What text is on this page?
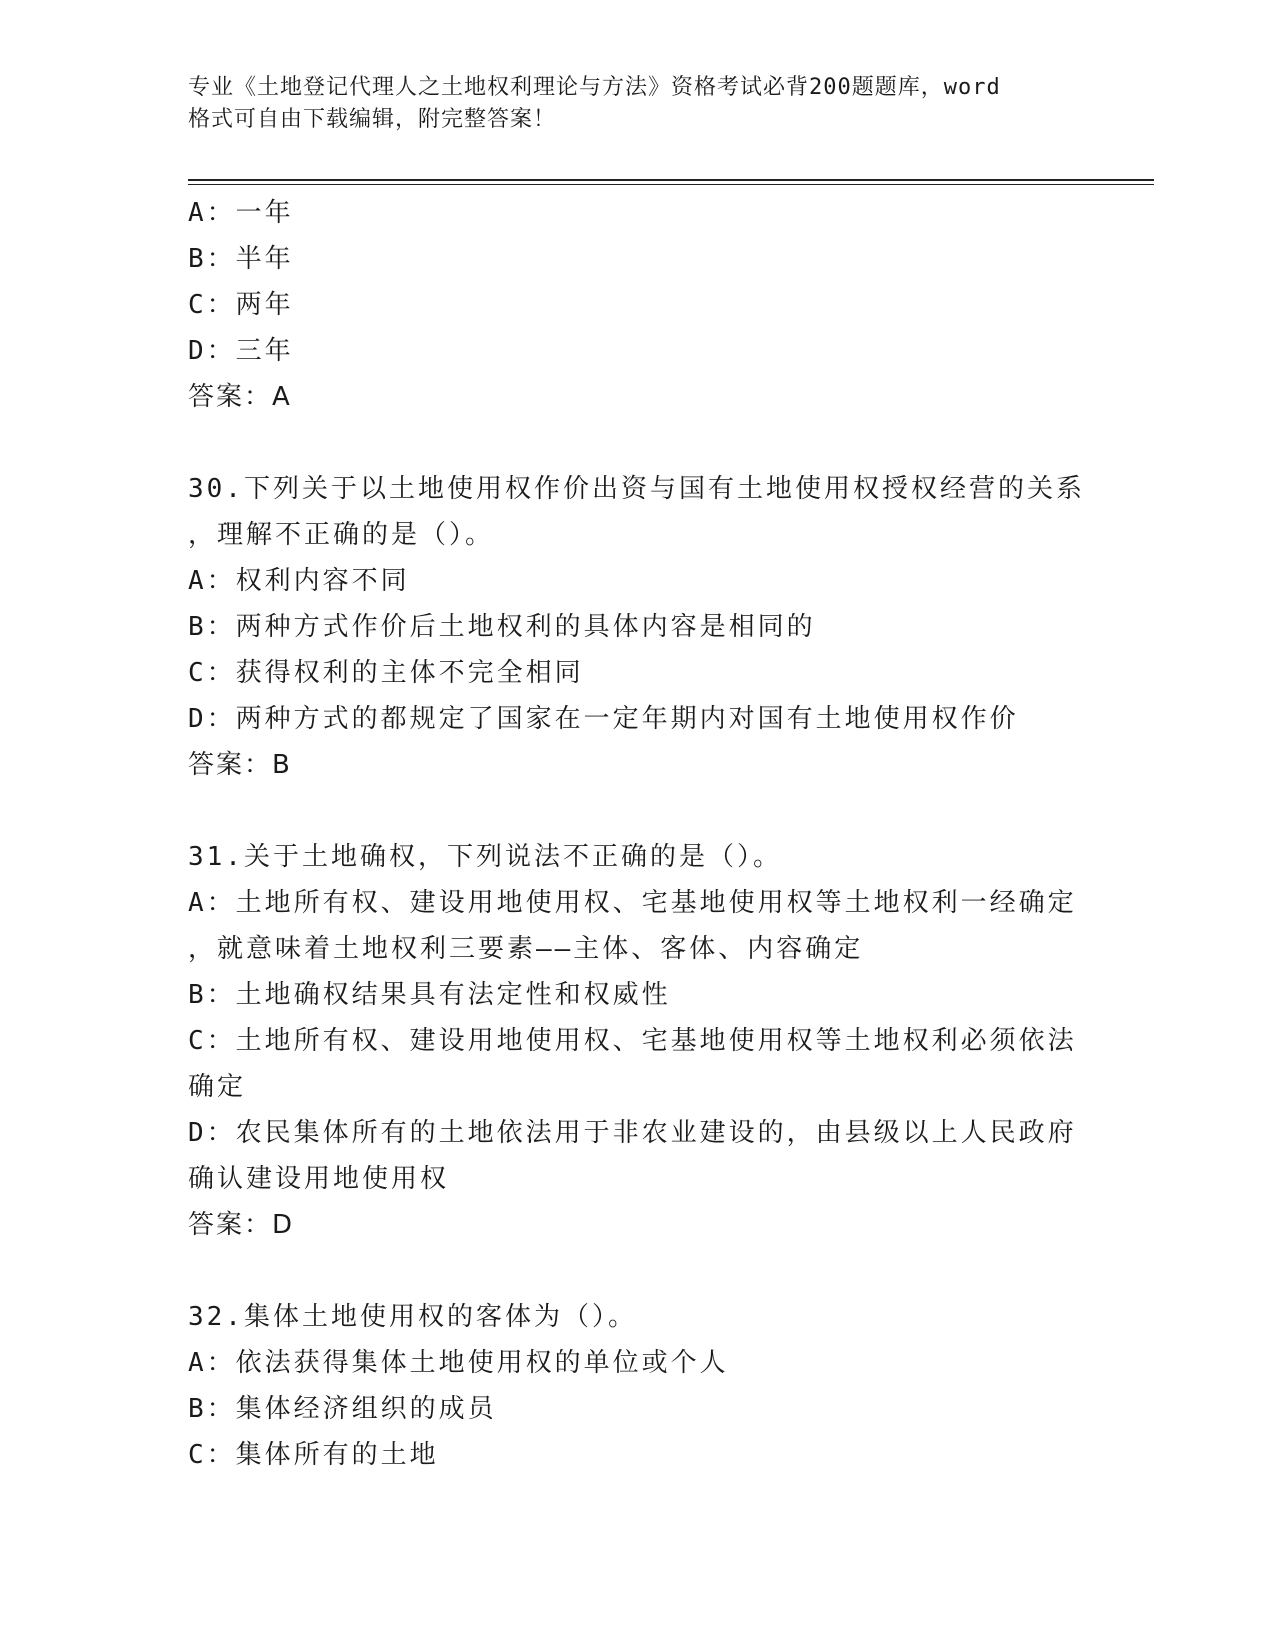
专业《土地登记代理人之土地权利理论与方法》资格考试必背200题题库，word
格式可自由下载编辑，附完整答案！
A：一年
B：半年
C：两年
D：三年
答案：A
30.下列关于以土地使用权作价出资与国有土地使用权授权经营的关系
，理解不正确的是（）。
A：权利内容不同
B：两种方式作价后土地权利的具体内容是相同的
C：获得权利的主体不完全相同
D：两种方式的都规定了国家在一定年期内对国有土地使用权作价
答案：B
31.关于土地确权，下列说法不正确的是（）。
A：土地所有权、建设用地使用权、宅基地使用权等土地权利一经确定
，就意味着土地权利三要素——主体、客体、内容确定
B：土地确权结果具有法定性和权威性
C：土地所有权、建设用地使用权、宅基地使用权等土地权利必须依法
确定
D：农民集体所有的土地依法用于非农业建设的，由县级以上人民政府
确认建设用地使用权
答案：D
32.集体土地使用权的客体为（）。
A：依法获得集体土地使用权的单位或个人
B：集体经济组织的成员
C：集体所有的土地
